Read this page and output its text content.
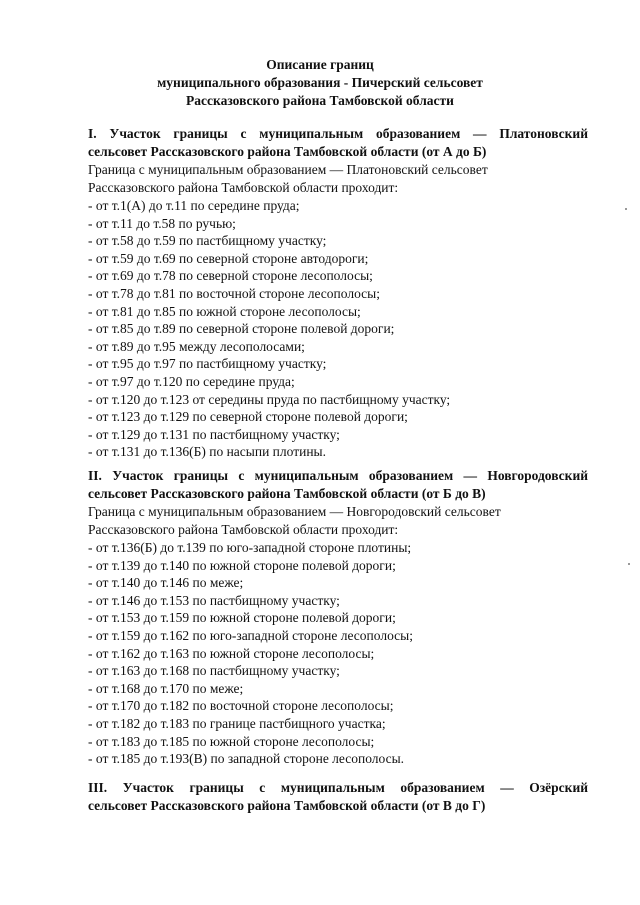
Описание границ
муниципального образования - Пичерский сельсовет
Рассказовского района Тамбовской области
I. Участок границы с муниципальным образованием — Платоновский
сельсовет Рассказовского района Тамбовской области (от А до Б)
Граница с муниципальным образованием — Платоновский сельсовет
Рассказовского района Тамбовской области проходит:
- от т.1(А) до т.11 по середине пруда;
- от т.11 до т.58 по ручью;
- от т.58 до т.59 по пастбищному участку;
- от т.59 до т.69 по северной стороне автодороги;
- от т.69 до т.78 по северной стороне лесополосы;
- от т.78 до т.81 по восточной стороне лесополосы;
- от т.81 до т.85 по южной стороне лесополосы;
- от т.85 до т.89 по северной стороне полевой дороги;
- от т.89 до т.95 между лесополосами;
- от т.95 до т.97 по пастбищному участку;
- от т.97 до т.120 по середине пруда;
- от т.120 до т.123 от середины пруда по пастбищному участку;
- от т.123 до т.129 по северной стороне полевой дороги;
- от т.129 до т.131 по пастбищному участку;
- от т.131 до т.136(Б) по насыпи плотины.
II. Участок границы с муниципальным образованием — Новгородовский
сельсовет Рассказовского района Тамбовской области (от Б до В)
Граница с муниципальным образованием — Новгородовский сельсовет
Рассказовского района Тамбовской области проходит:
- от т.136(Б) до т.139 по юго-западной стороне плотины;
- от т.139 до т.140 по южной стороне полевой дороги;
- от т.140 до т.146 по меже;
- от т.146 до т.153 по пастбищному участку;
- от т.153 до т.159 по южной стороне полевой дороги;
- от т.159 до т.162 по юго-западной стороне лесополосы;
- от т.162 до т.163 по южной стороне лесополосы;
- от т.163 до т.168 по пастбищному участку;
- от т.168 до т.170 по меже;
- от т.170 до т.182 по восточной стороне лесополосы;
- от т.182 до т.183 по границе пастбищного участка;
- от т.183 до т.185 по южной стороне лесополосы;
- от т.185 до т.193(В) по западной стороне лесополосы.
III. Участок границы с муниципальным образованием — Озёрский
сельсовет Рассказовского района Тамбовской области (от В до Г)
